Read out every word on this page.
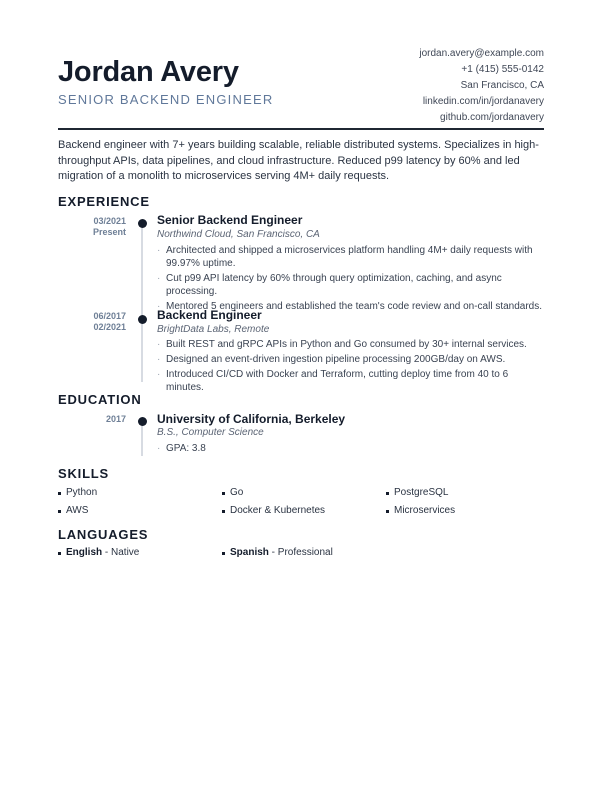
Jordan Avery
SENIOR BACKEND ENGINEER
jordan.avery@example.com
+1 (415) 555-0142
San Francisco, CA
linkedin.com/in/jordanavery
github.com/jordanavery
Backend engineer with 7+ years building scalable, reliable distributed systems. Specializes in high-throughput APIs, data pipelines, and cloud infrastructure. Reduced p99 latency by 60% and led migration of a monolith to microservices serving 4M+ daily requests.
EXPERIENCE
03/2021
Present
Senior Backend Engineer
Northwind Cloud, San Francisco, CA
· Architected and shipped a microservices platform handling 4M+ daily requests with 99.97% uptime.
· Cut p99 API latency by 60% through query optimization, caching, and async processing.
· Mentored 5 engineers and established the team's code review and on-call standards.
06/2017
02/2021
Backend Engineer
BrightData Labs, Remote
· Built REST and gRPC APIs in Python and Go consumed by 30+ internal services.
· Designed an event-driven ingestion pipeline processing 200GB/day on AWS.
· Introduced CI/CD with Docker and Terraform, cutting deploy time from 40 to 6 minutes.
EDUCATION
2017	University of California, Berkeley
B.S., Computer Science
· GPA: 3.8
SKILLS
Python	Go	PostgreSQL
AWS	Docker & Kubernetes	Microservices
LANGUAGES
English - Native	Spanish - Professional
